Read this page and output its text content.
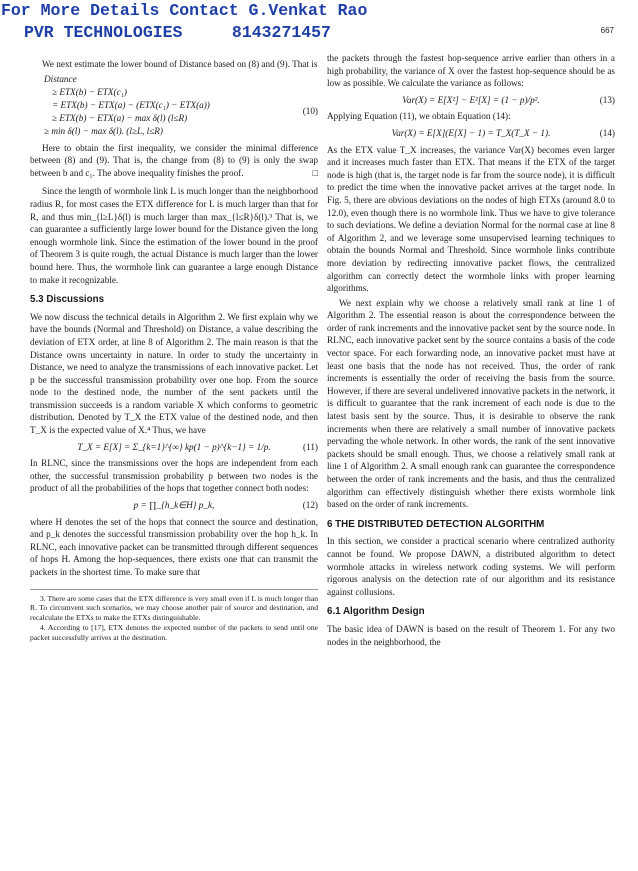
For More Details Contact G.Venkat Rao
PVR TECHNOLOGIES     8143271457	667

We next estimate the lower bound of Distance based on (8) and (9). That is

Distance
≥ ETX(b) − ETX(c₁)
= ETX(b) − ETX(a) − (ETX(c₁) − ETX(a))
≥ ETX(b) − ETX(a) − max δ(l) (l≤R)
≥ min δ(l) − max δ(l). (l≥L, l≤R)
(10)

Here to obtain the first inequality, we consider the minimal difference between (8) and (9). That is, the change from (8) to (9) is only the swap between b and c₁. The above inequality finishes the proof.	□

Since the length of wormhole link L is much longer than the neighborhood radius R, for most cases the ETX difference for L is much larger than that for R, and thus min_{l≥L}δ(l) is much larger than max_{l≤R}δ(l).³ That is, we can guarantee a sufficiently large lower bound for the Distance given the long enough wormhole link. Since the estimation of the lower bound in the proof of Theorem 3 is quite rough, the actual Distance is much larger than the lower bound here. Thus, the wormhole link can guarantee a large enough Distance to make it recognizable.

5.3 Discussions

We now discuss the technical details in Algorithm 2. We first explain why we have the bounds (Normal and Threshold) on Distance, a value describing the deviation of ETX order, at line 8 of Algorithm 2. The main reason is that the Distance owns uncertainty in nature. In order to study the uncertainty in Distance, we need to analyze the transmissions of each innovative packet. Let p be the successful transmission probability over one hop. From the source node to the destined node, the number of the sent packets until the transmission succeeds is a random variable X which conforms to geometric distribution. Denoted by T_X the ETX value of the destined node, and then T_X is the expected value of X.⁴ Thus, we have

T_X = E[X] = Σ_{k=1}^{∞} kp(1 − p)^{k−1} = 1/p.	(11)

In RLNC, since the transmissions over the hops are independent from each other, the successful transmission probability p between two nodes is the product of all the probabilities of the hops that together connect both nodes:

p = ∏_{h_k∈H} p_k,	(12)

where H denotes the set of the hops that connect the source and destination, and p_k denotes the successful transmission probability over the hop h_k. In RLNC, each innovative packet can be transmitted through different sequences of hops H. Among the hop-sequences, there exists one that can transmit the packets in the shortest time. To make sure that

3. There are some cases that the ETX difference is very small even if L is much longer than R. To circumvent such scenarios, we may choose another pair of source and destination, and recalculate the ETXs to make the ETXs distinguishable.

4. According to [17], ETX denotes the expected number of the packets to send until one packet successfully arrives at the destination.

the packets through the fastest hop-sequence arrive earlier than others in a high probability, the variance of X over the fastest hop-sequence should be as low as possible. We calculate the variance as follows:

Var(X) = E[X²] − E²[X] = (1 − p)/p².	(13)

Applying Equation (11), we obtain Equation (14):

Var(X) = E[X](E[X] − 1) = T_X(T_X − 1).	(14)

As the ETX value T_X increases, the variance Var(X) becomes even larger and it increases much faster than ETX. That means if the ETX of the target node is high (that is, the target node is far from the source node), it is difficult to predict the time when the innovative packet arrives at the target node. In Fig. 5, there are obvious deviations on the nodes of high ETXs (around 8.0 to 12.0), even though there is no wormhole link. Thus we have to give tolerance to such deviations. We define a deviation Normal for the normal case at line 8 of Algorithm 2, and we leverage some unsupervised learning techniques to obtain the bounds Normal and Threshold. Since wormhole links contribute more deviation by redirecting innovative packet flows, the centralized algorithm can correctly detect the wormhole links with proper learning algorithms.

We next explain why we choose a relatively small rank at line 1 of Algorithm 2. The essential reason is about the correspondence between the order of rank increments and the innovative packet sent by the source node. In RLNC, each innovative packet sent by the source contains a basis of the code vector space. For each forwarding node, an innovative packet must have at least one basis that the node has not received. Thus, the order of rank increments is essentially the order of receiving the basis from the source. However, if there are several undelivered innovative packets in the network, it is difficult to guarantee that the rank increment of each node is due to the latest basis sent by the source. Thus, it is desirable to observe the rank increments when there are relatively a small number of innovative packets pervading the whole network. In other words, the rank of the sent innovative packets should be small enough. Thus, we choose a relatively small rank at line 1 of Algorithm 2. A small enough rank can guarantee the correspondence between the order of rank increments and the basis, and thus the centralized algorithm can effectively distinguish whether there exists wormhole link based on the order of rank increments.

6 THE DISTRIBUTED DETECTION ALGORITHM

In this section, we consider a practical scenario where centralized authority cannot be found. We propose DAWN, a distributed algorithm to detect wormhole attacks in wireless network coding systems. We will perform rigorous analysis on the detection rate of our algorithm and its resistance against collusions.

6.1 Algorithm Design

The basic idea of DAWN is based on the result of Theorem 1. For any two nodes in the neighborhood, the
